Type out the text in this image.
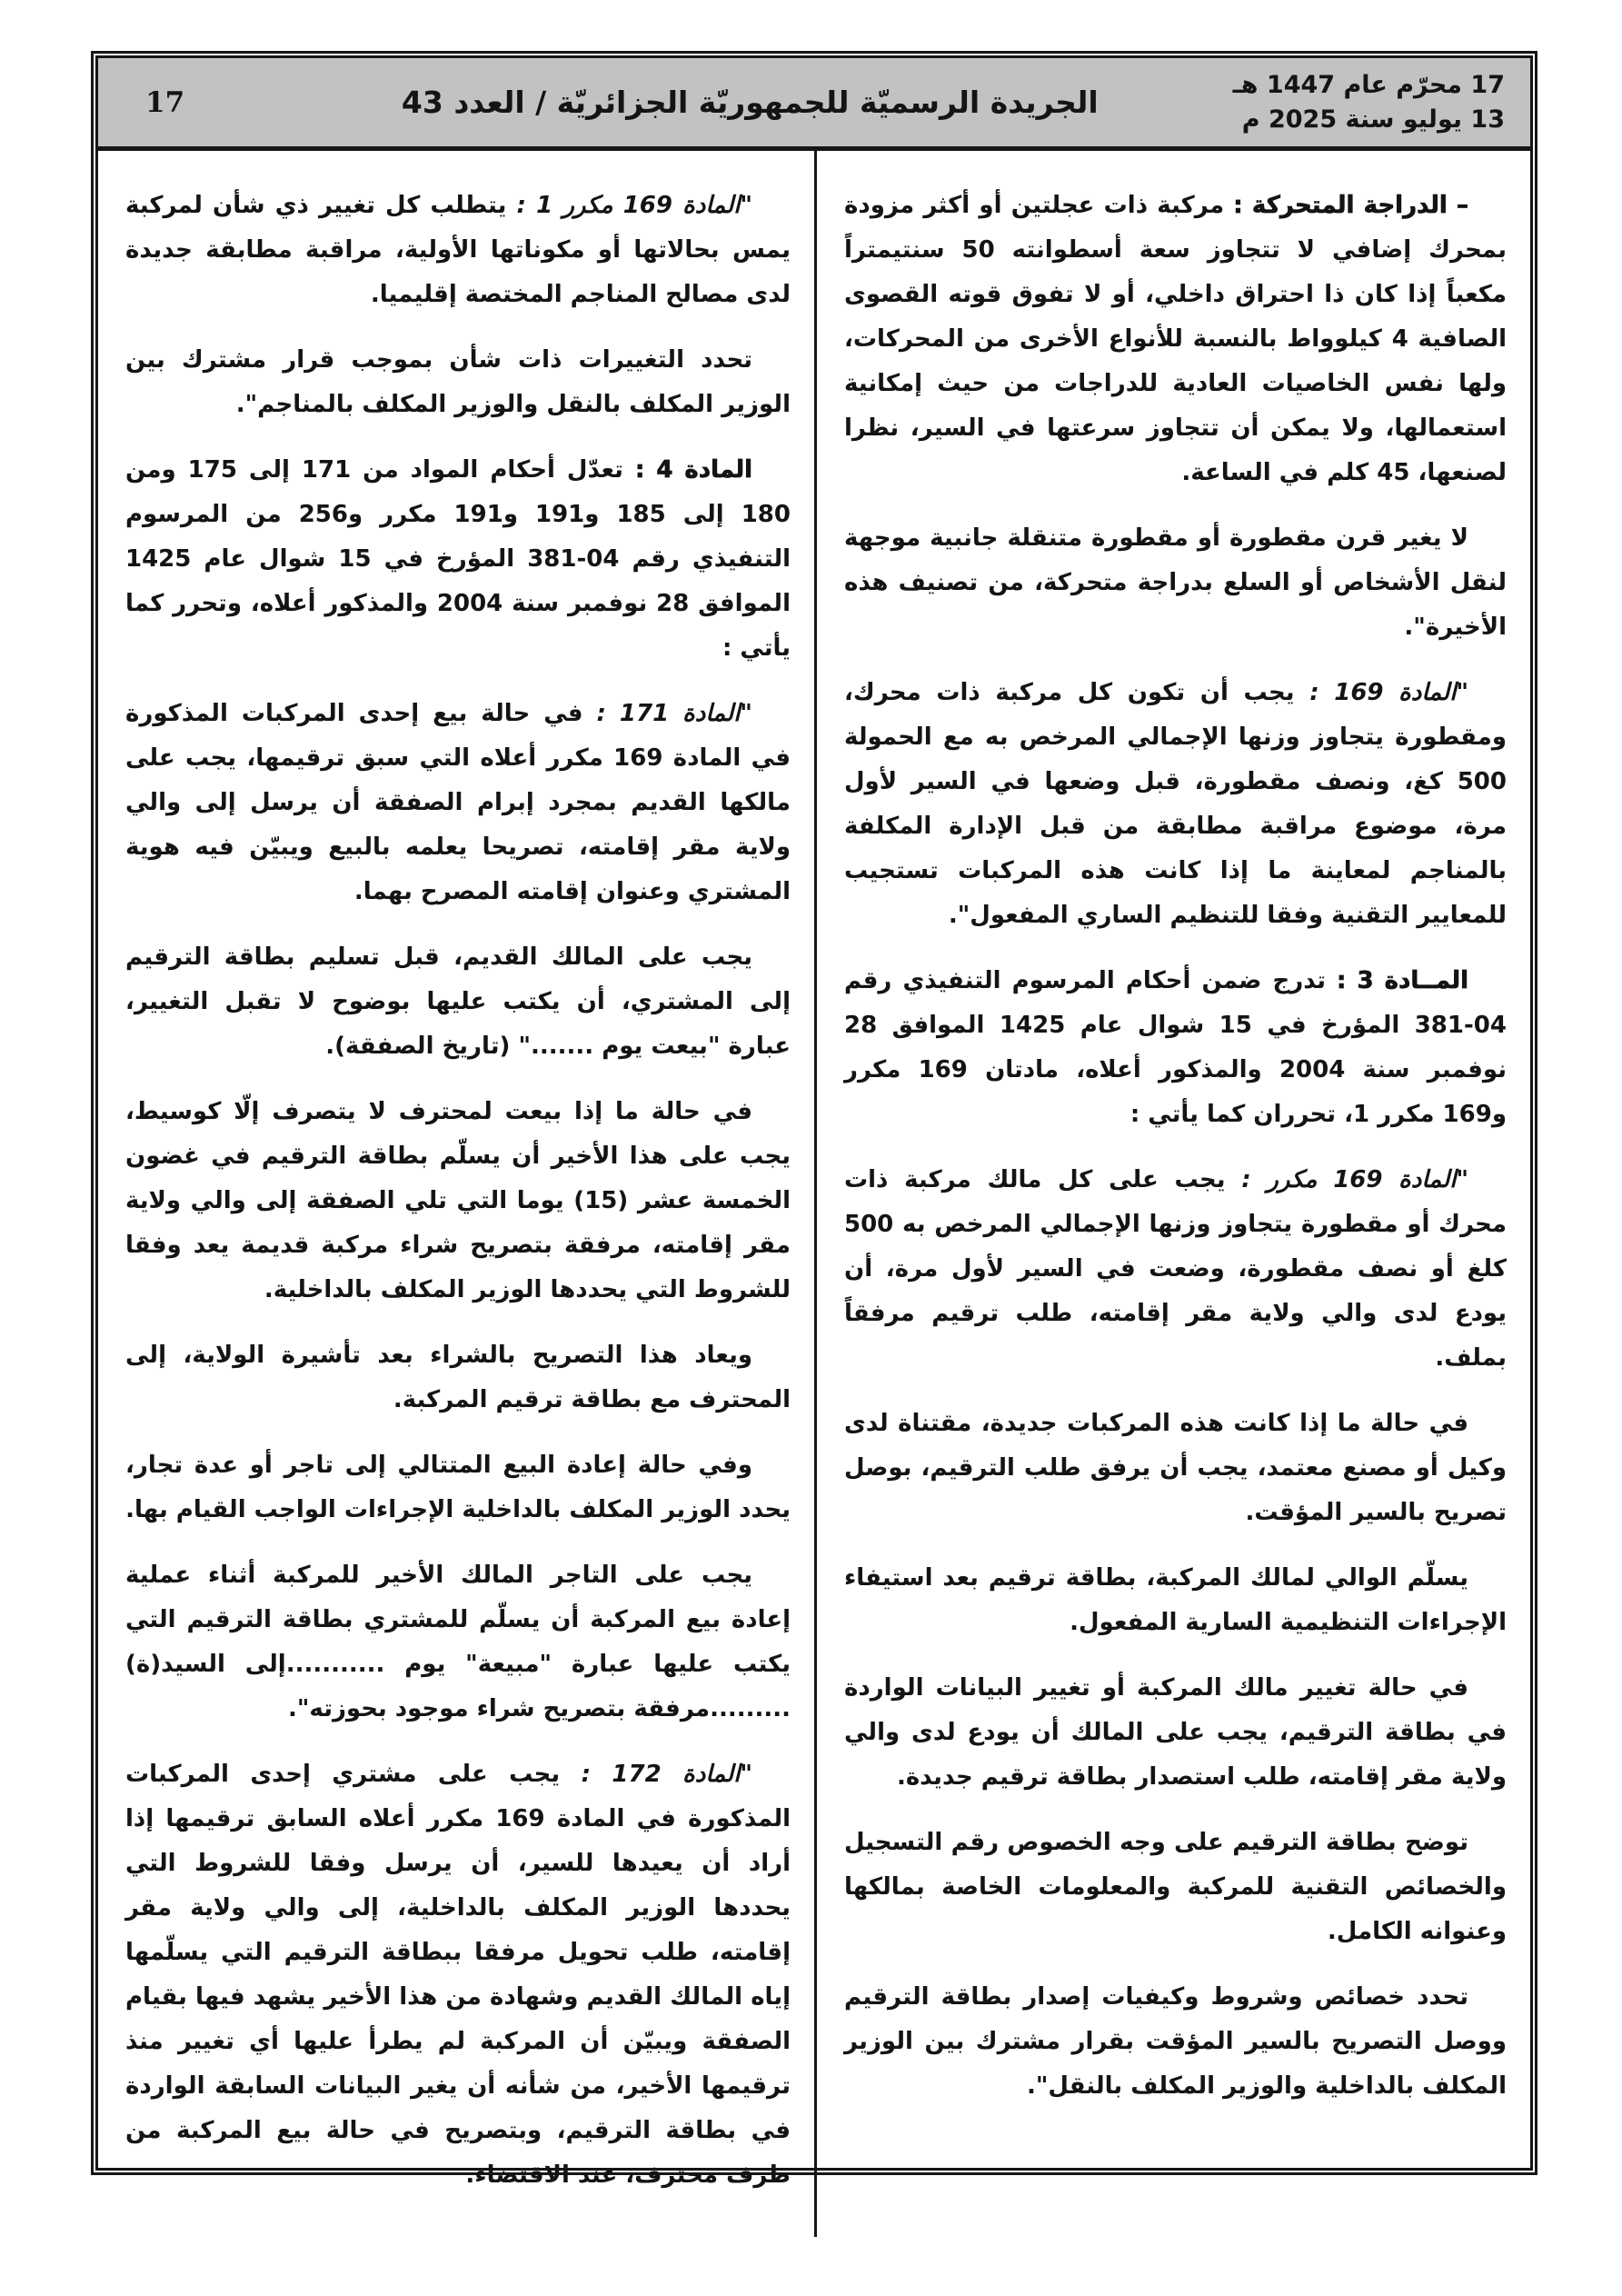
17	الجريدة الرسميّة للجمهوريّة الجزائريّة / العدد 43	17 محرّم عام 1447 هـ
13 يوليو سنة 2025 م

– الدراجة المتحركة :مركبة ذات عجلتين أو أكثر مزودة بمحرك إضافي لا تتجاوز سعة أسطوانته 50 سنتيمتراً مكعباً إذا كان ذا احتراق داخلي، أو لا تفوق قوته القصوى الصافية 4 كيلوواط بالنسبة للأنواع الأخرى من المحركات، ولها نفس الخاصيات العادية للدراجات من حيث إمكانية استعمالها، ولا يمكن أن تتجاوز سرعتها في السير، نظرا لصنعها، 45 كلم في الساعة.

لا يغير قرن مقطورة أو مقطورة متنقلة جانبية موجهة لنقل الأشخاص أو السلع بدراجة متحركة، من تصنيف هذه الأخيرة".

"المادة 169 :يجب أن تكون كل مركبة ذات محرك، ومقطورة يتجاوز وزنها الإجمالي المرخص به مع الحمولة 500 كغ، ونصف مقطورة، قبل وضعها في السير لأول مرة، موضوع مراقبة مطابقة من قبل الإدارة المكلفة بالمناجم لمعاينة ما إذا كانت هذه المركبات تستجيب للمعايير التقنية وفقا للتنظيم الساري المفعول".

المــادة 3 :تدرج ضمن أحكام المرسوم التنفيذي رقم 04-381 المؤرخ في 15 شوال عام 1425 الموافق 28 نوفمبر سنة 2004 والمذكور أعلاه، مادتان 169 مكرر و169 مكرر 1، تحرران كما يأتي :

"المادة 169 مكرر :يجب على كل مالك مركبة ذات محرك أو مقطورة يتجاوز وزنها الإجمالي المرخص به 500 كلغ أو نصف مقطورة، وضعت في السير لأول مرة، أن يودع لدى والي ولاية مقر إقامته، طلب ترقيم مرفقاً بملف.

في حالة ما إذا كانت هذه المركبات جديدة، مقتناة لدى وكيل أو مصنع معتمد، يجب أن يرفق طلب الترقيم، بوصل تصريح بالسير المؤقت.

يسلّم الوالي لمالك المركبة، بطاقة ترقيم بعد استيفاء الإجراءات التنظيمية السارية المفعول.

في حالة تغيير مالك المركبة أو تغيير البيانات الواردة في بطاقة الترقيم، يجب على المالك أن يودع لدى والي ولاية مقر إقامته، طلب استصدار بطاقة ترقيم جديدة.

توضح بطاقة الترقيم على وجه الخصوص رقم التسجيل والخصائص التقنية للمركبة والمعلومات الخاصة بمالكها وعنوانه الكامل.

تحدد خصائص وشروط وكيفيات إصدار بطاقة الترقيم ووصل التصريح بالسير المؤقت بقرار مشترك بين الوزير المكلف بالداخلية والوزير المكلف بالنقل".

"المادة 169 مكرر 1 :يتطلب كل تغيير ذي شأن لمركبة يمس بحالاتها أو مكوناتها الأولية، مراقبة مطابقة جديدة لدى مصالح المناجم المختصة إقليميا.

تحدد التغييرات ذات شأن بموجب قرار مشترك بين الوزير المكلف بالنقل والوزير المكلف بالمناجم".

المادة 4 :تعدّل أحكام المواد من 171 إلى 175 ومن 180 إلى 185 و191 و191 مكرر و256 من المرسوم التنفيذي رقم 04-381 المؤرخ في 15 شوال عام 1425 الموافق 28 نوفمبر سنة 2004 والمذكور أعلاه، وتحرر كما يأتي :

"المادة 171 :في حالة بيع إحدى المركبات المذكورة في المادة 169 مكرر أعلاه التي سبق ترقيمها، يجب على مالكها القديم بمجرد إبرام الصفقة أن يرسل إلى والي ولاية مقر إقامته، تصريحا يعلمه بالبيع ويبيّن فيه هوية المشتري وعنوان إقامته المصرح بهما.

يجب على المالك القديم، قبل تسليم بطاقة الترقيم إلى المشتري، أن يكتب عليها بوضوح لا تقبل التغيير، عبارة "بيعت يوم ......." (تاريخ الصفقة).

في حالة ما إذا بيعت لمحترف لا يتصرف إلّا كوسيط، يجب على هذا الأخير أن يسلّم بطاقة الترقيم في غضون الخمسة عشر (15) يوما التي تلي الصفقة إلى والي ولاية مقر إقامته، مرفقة بتصريح شراء مركبة قديمة يعد وفقا للشروط التي يحددها الوزير المكلف بالداخلية.

ويعاد هذا التصريح بالشراء بعد تأشيرة الولاية، إلى المحترف مع بطاقة ترقيم المركبة.

وفي حالة إعادة البيع المتتالي إلى تاجر أو عدة تجار، يحدد الوزير المكلف بالداخلية الإجراءات الواجب القيام بها.

يجب على التاجر المالك الأخير للمركبة أثناء عملية إعادة بيع المركبة أن يسلّم للمشتري بطاقة الترقيم التي يكتب عليها عبارة "مبيعة" يوم ...........إلى السيد(ة) .........مرفقة بتصريح شراء موجود بحوزته".

"المادة 172 :يجب على مشتري إحدى المركبات المذكورة في المادة 169 مكرر أعلاه السابق ترقيمها إذا أراد أن يعيدها للسير، أن يرسل وفقا للشروط التي يحددها الوزير المكلف بالداخلية، إلى والي ولاية مقر إقامته، طلب تحويل مرفقا ببطاقة الترقيم التي يسلّمها إياه المالك القديم وشهادة من هذا الأخير يشهد فيها بقيام الصفقة ويبيّن أن المركبة لم يطرأ عليها أي تغيير منذ ترقيمها الأخير، من شأنه أن يغير البيانات السابقة الواردة في بطاقة الترقيم، وبتصريح في حالة بيع المركبة من طرف محترف، عند الاقتضاء.
